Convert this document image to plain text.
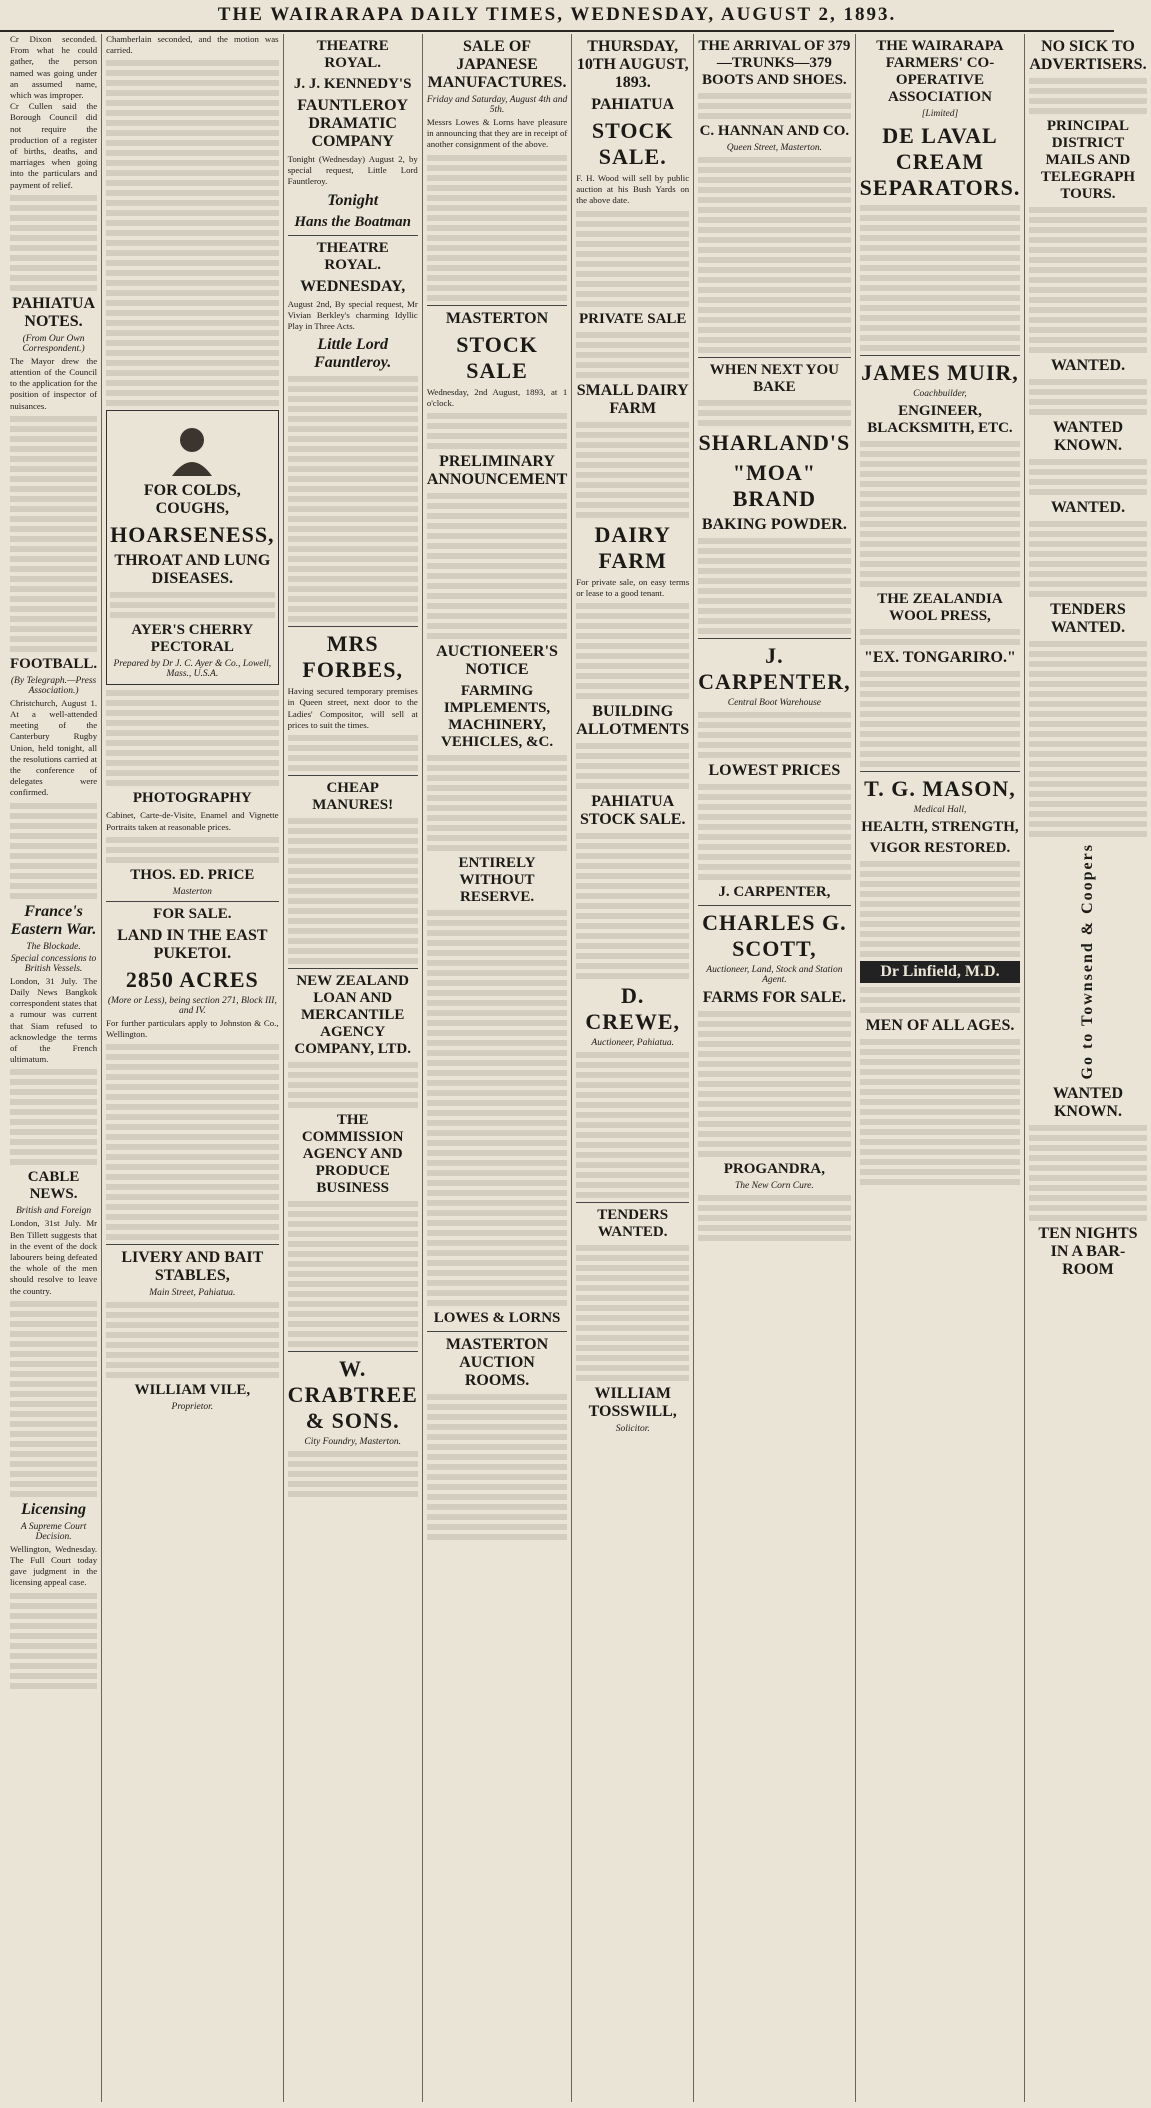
THE WAIRARAPA DAILY TIMES, WEDNESDAY, AUGUST 2, 1893.
Cr Dixon seconded. From what he could gather, the person named was going under an assumed name, which was improper.
Cr Cullen said the Borough Council did not require the production of a register of births, deaths, and marriages when going into the particulars and payment of relief.
PAHIATUA NOTES.
(From Our Own Correspondent.)
The Mayor drew the attention of the Council to the application for the position of inspector of nuisances.
FOOTBALL.
(By Telegraph.—Press Association.)
Christchurch, August 1. At a well-attended meeting of the Canterbury Rugby Union, held tonight, all the resolutions carried at the conference of delegates were confirmed.
France's Eastern War.
The Blockade.
Special concessions to British Vessels.
London, 31 July. The Daily News Bangkok correspondent states that a rumour was current that Siam refused to acknowledge the terms of the French ultimatum.
CABLE NEWS.
British and Foreign
London, 31st July. Mr Ben Tillett suggests that in the event of the dock labourers being defeated the whole of the men should resolve to leave the country.
Licensing
A Supreme Court Decision.
Wellington, Wednesday. The Full Court today gave judgment in the licensing appeal case.
Chamberlain seconded, and the motion was carried.
FOR COLDS, COUGHS,
HOARSENESS,
THROAT AND LUNG DISEASES.
AYER'S CHERRY PECTORAL
Prepared by Dr J. C. Ayer & Co., Lowell, Mass., U.S.A.
PHOTOGRAPHY
Cabinet, Carte-de-Visite, Enamel and Vignette Portraits taken at reasonable prices.
THOS. ED. PRICE
Masterton
FOR SALE.
LAND IN THE EAST PUKETOI.
2850 ACRES
(More or Less), being section 271, Block III, and IV.
For further particulars apply to Johnston & Co., Wellington.
LIVERY AND BAIT STABLES,
Main Street, Pahiatua.
WILLIAM VILE,
Proprietor.
THEATRE ROYAL.
J. J. KENNEDY'S
FAUNTLEROY DRAMATIC COMPANY
Tonight (Wednesday) August 2, by special request, Little Lord Fauntleroy.
Tonight
Hans the Boatman
THEATRE ROYAL.
WEDNESDAY,
August 2nd, By special request, Mr Vivian Berkley's charming Idyllic Play in Three Acts.
Little Lord Fauntleroy.
MRS FORBES,
Having secured temporary premises in Queen street, next door to the Ladies' Compositor, will sell at prices to suit the times.
CHEAP MANURES!
NEW ZEALAND LOAN AND MERCANTILE AGENCY COMPANY, LTD.
THE COMMISSION AGENCY AND PRODUCE BUSINESS
W. CRABTREE & SONS.
City Foundry, Masterton.
SALE OF JAPANESE MANUFACTURES.
Friday and Saturday, August 4th and 5th.
Messrs Lowes & Lorns have pleasure in announcing that they are in receipt of another consignment of the above.
MASTERTON
STOCK SALE
Wednesday, 2nd August, 1893, at 1 o'clock.
PRELIMINARY ANNOUNCEMENT
AUCTIONEER'S NOTICE
FARMING IMPLEMENTS, MACHINERY, VEHICLES, &C.
ENTIRELY WITHOUT RESERVE.
LOWES & LORNS
MASTERTON AUCTION ROOMS.
THURSDAY, 10TH AUGUST, 1893.
PAHIATUA
STOCK SALE.
F. H. Wood will sell by public auction at his Bush Yards on the above date.
PRIVATE SALE
SMALL DAIRY FARM
DAIRY FARM
For private sale, on easy terms or lease to a good tenant.
BUILDING ALLOTMENTS
PAHIATUA STOCK SALE.
D. CREWE,
Auctioneer, Pahiatua.
TENDERS WANTED.
WILLIAM TOSSWILL,
Solicitor.
THE ARRIVAL OF 379—TRUNKS—379 BOOTS AND SHOES.
C. HANNAN AND CO.
Queen Street, Masterton.
WHEN NEXT YOU BAKE
SHARLAND'S
"MOA" BRAND
BAKING POWDER.
J. CARPENTER,
Central Boot Warehouse
LOWEST PRICES
J. CARPENTER,
CHARLES G. SCOTT,
Auctioneer, Land, Stock and Station Agent.
FARMS FOR SALE.
PROGANDRA,
The New Corn Cure.
THE WAIRARAPA FARMERS' CO-OPERATIVE ASSOCIATION
[Limited]
DE LAVAL CREAM SEPARATORS.
JAMES MUIR,
Coachbuilder,
ENGINEER, BLACKSMITH, ETC.
THE ZEALANDIA WOOL PRESS,
"EX. TONGARIRO."
T. G. MASON,
Medical Hall,
HEALTH, STRENGTH,
VIGOR RESTORED.
Dr Linfield, M.D.
MEN OF ALL AGES.
NO SICK TO ADVERTISERS.
PRINCIPAL DISTRICT MAILS AND TELEGRAPH TOURS.
WANTED.
WANTED KNOWN.
WANTED.
TENDERS WANTED.
Go to Townsend & Coopers
WANTED KNOWN.
TEN NIGHTS IN A BAR-ROOM
